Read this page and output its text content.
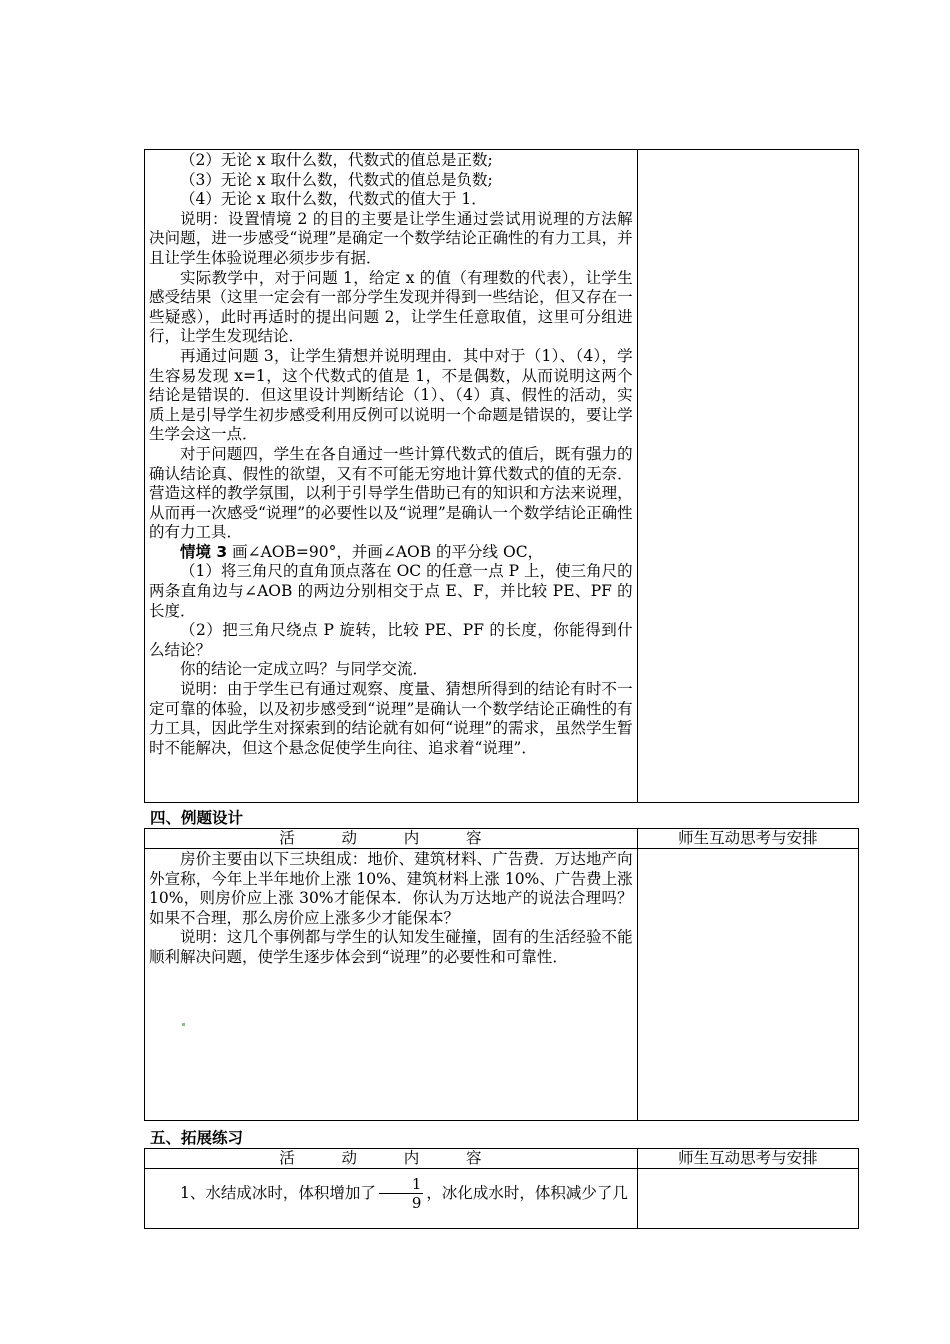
（2）无论 x 取什么数，代数式的值总是正数;

（3）无论 x 取什么数，代数式的值总是负数;

（4）无论 x 取什么数，代数式的值大于 1．

说明：设置情境 2 的目的主要是让学生通过尝试用说理的方法解决问题，进一步感受“说理”是确定一个数学结论正确性的有力工具，并且让学生体验说理必须步步有据．

实际教学中，对于问题 1，给定 x 的值（有理数的代表），让学生感受结果（这里一定会有一部分学生发现并得到一些结论，但又存在一些疑惑），此时再适时的提出问题 2，让学生任意取值，这里可分组进行，让学生发现结论．

再通过问题 3，让学生猜想并说明理由．其中对于（1）、（4），学生容易发现 x=1，这个代数式的值是 1，不是偶数，从而说明这两个结论是错误的．但这里设计判断结论（1）、（4）真、假性的活动，实质上是引导学生初步感受利用反例可以说明一个命题是错误的，要让学生学会这一点．

对于问题四，学生在各自通过一些计算代数式的值后，既有强力的确认结论真、假性的欲望，又有不可能无穷地计算代数式的值的无奈．营造这样的教学氛围，以利于引导学生借助已有的知识和方法来说理，从而再一次感受“说理”的必要性以及“说理”是确认一个数学结论正确性的有力工具．

情境 3 画∠AOB=90°，并画∠AOB 的平分线 OC，

（1）将三角尺的直角顶点落在 OC 的任意一点 P 上，使三角尺的两条直角边与∠AOB 的两边分别相交于点 E、F，并比较 PE、PF 的长度．

（2）把三角尺绕点 P 旋转，比较 PE、PF 的长度，你能得到什么结论？

你的结论一定成立吗？与同学交流．

说明：由于学生已有通过观察、度量、猜想所得到的结论有时不一定可靠的体验，以及初步感受到“说理”是确认一个数学结论正确性的有力工具，因此学生对探索到的结论就有如何“说理”的需求，虽然学生暂时不能解决，但这个悬念促使学生向往、追求着“说理”．

四、例题设计
活 动 内 容	师生互动思考与安排

房价主要由以下三块组成：地价、建筑材料、广告费．万达地产向外宣称，今年上半年地价上涨 10%、建筑材料上涨 10%、广告费上涨 10%，则房价应上涨 30%才能保本．你认为万达地产的说法合理吗？如果不合理，那么房价应上涨多少才能保本？

说明：这几个事例都与学生的认知发生碰撞，固有的生活经验不能顺利解决问题，使学生逐步体会到“说理”的必要性和可靠性．	

五、拓展练习
活 动 内 容	师生互动思考与安排

1、水结成冰时，体积增加了 $\frac{1}{9}$ ，冰化成水时，体积减少了几	
